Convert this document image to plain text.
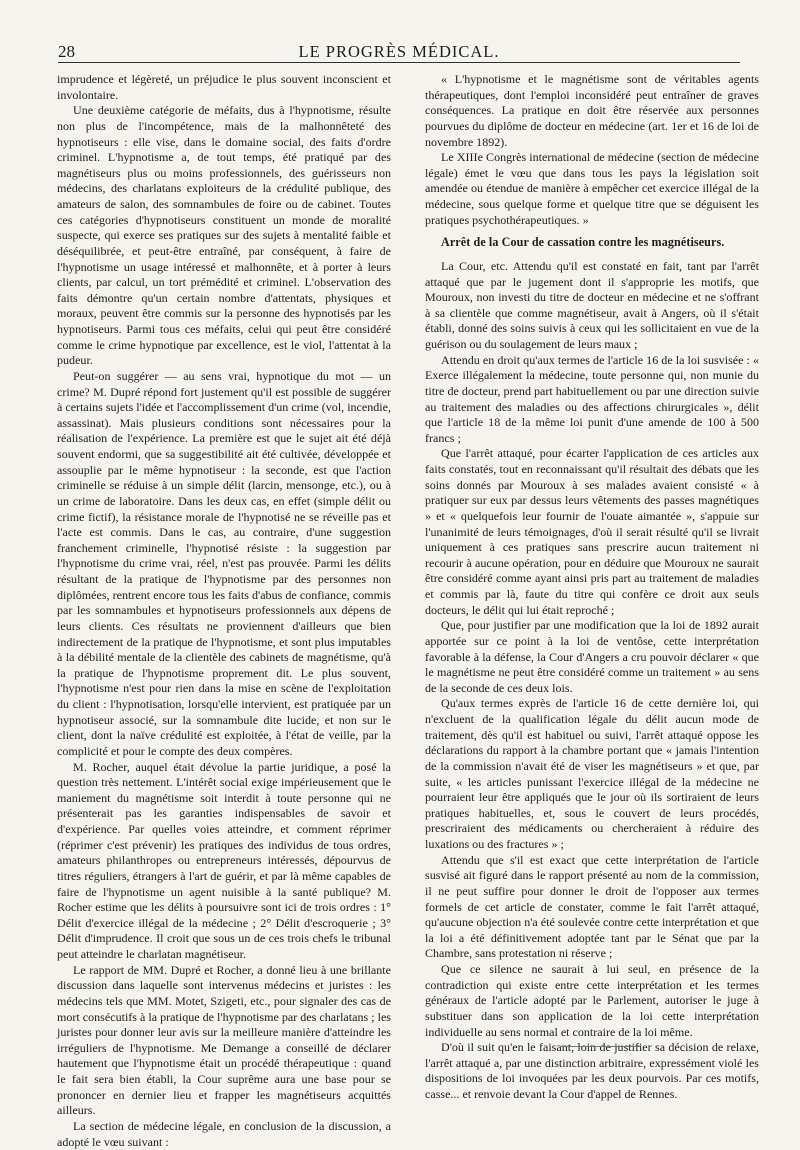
28	LE PROGRÈS MÉDICAL.

imprudence et légèreté, un préjudice le plus souvent inconscient et involontaire.

Une deuxième catégorie de méfaits, dus à l'hypnotisme, résulte non plus de l'incompétence, mais de la malhonnêteté des hypnotiseurs : elle vise, dans le domaine social, des faits d'ordre criminel. L'hypnotisme a, de tout temps, été pratiqué par des magnétiseurs plus ou moins professionnels, des guérisseurs non médecins, des charlatans exploiteurs de la crédulité publique, des amateurs de salon, des somnambules de foire ou de cabinet. Toutes ces catégories d'hypnotiseurs constituent un monde de moralité suspecte, qui exerce ses pratiques sur des sujets à mentalité faible et déséquilibrée, et peut-être entraîné, par conséquent, à faire de l'hypnotisme un usage intéressé et malhonnête, et à porter à leurs clients, par calcul, un tort prémédité et criminel. L'observation des faits démontre qu'un certain nombre d'attentats, physiques et moraux, peuvent être commis sur la personne des hypnotisés par les hypnotiseurs. Parmi tous ces méfaits, celui qui peut être considéré comme le crime hypnotique par excellence, est le viol, l'attentat à la pudeur.

Peut-on suggérer — au sens vrai, hypnotique du mot — un crime? M. Dupré répond fort justement qu'il est possible de suggérer à certains sujets l'idée et l'accomplissement d'un crime (vol, incendie, assassinat). Mais plusieurs conditions sont nécessaires pour la réalisation de l'expérience. La première est que le sujet ait été déjà souvent endormi, que sa suggestibilité ait été cultivée, développée et assouplie par le même hypnotiseur : la seconde, est que l'action criminelle se réduise à un simple délit (larcin, mensonge, etc.), ou à un crime de laboratoire. Dans les deux cas, en effet (simple délit ou crime fictif), la résistance morale de l'hypnotisé ne se réveille pas et l'acte est commis. Dans le cas, au contraire, d'une suggestion franchement criminelle, l'hypnotisé résiste : la suggestion par l'hypnotisme du crime vrai, réel, n'est pas prouvée. Parmi les délits résultant de la pratique de l'hypnotisme par des personnes non diplômées, rentrent encore tous les faits d'abus de confiance, commis par les somnambules et hypnotiseurs professionnels aux dépens de leurs clients. Ces résultats ne proviennent d'ailleurs que bien indirectement de la pratique de l'hypnotisme, et sont plus imputables à la débilité mentale de la clientèle des cabinets de magnétisme, qu'à la pratique de l'hypnotisme proprement dit. Le plus souvent, l'hypnotisme n'est pour rien dans la mise en scène de l'exploitation du client : l'hypnotisation, lorsqu'elle intervient, est pratiquée par un hypnotiseur associé, sur la somnambule dite lucide, et non sur le client, dont la naïve crédulité est exploitée, à l'état de veille, par la complicité et pour le compte des deux compères.

M. Rocher, auquel était dévolue la partie juridique, a posé la question très nettement. L'intérêt social exige impérieusement que le maniement du magnétisme soit interdit à toute personne qui ne présenterait pas les garanties indispensables de savoir et d'expérience. Par quelles voies atteindre, et comment réprimer (réprimer c'est prévenir) les pratiques des individus de tous ordres, amateurs philanthropes ou entrepreneurs intéressés, dépourvus de titres réguliers, étrangers à l'art de guérir, et par là même capables de faire de l'hypnotisme un agent nuisible à la santé publique? M. Rocher estime que les délits à poursuivre sont ici de trois ordres : 1° Délit d'exercice illégal de la médecine ; 2° Délit d'escroquerie ; 3° Délit d'imprudence. Il croit que sous un de ces trois chefs le tribunal peut atteindre le charlatan magnétiseur.

Le rapport de MM. Dupré et Rocher, a donné lieu à une brillante discussion dans laquelle sont intervenus médecins et juristes : les médecins tels que MM. Motet, Szigeti, etc., pour signaler des cas de mort consécutifs à la pratique de l'hypnotisme par des charlatans ; les juristes pour donner leur avis sur la meilleure manière d'atteindre les irréguliers de l'hypnotisme. Me Demange a conseillé de déclarer hautement que l'hypnotisme était un procédé thérapeutique : quand le fait sera bien établi, la Cour suprême aura une base pour se prononcer en dernier lieu et frapper les magnétiseurs acquittés ailleurs.

La section de médecine légale, en conclusion de la discussion, a adopté le vœu suivant :

« L'hypnotisme et le magnétisme sont de véritables agents thérapeutiques, dont l'emploi inconsidéré peut entraîner de graves conséquences. La pratique en doit être réservée aux personnes pourvues du diplôme de docteur en médecine (art. 1er et 16 de loi de novembre 1892).

Le XIIIe Congrès international de médecine (section de médecine légale) émet le vœu que dans tous les pays la législation soit amendée ou étendue de manière à empêcher cet exercice illégal de la médecine, sous quelque forme et quelque titre que se déguisent les pratiques psychothérapeutiques. »

Arrêt de la Cour de cassation contre les magnétiseurs.

La Cour, etc. Attendu qu'il est constaté en fait, tant par l'arrêt attaqué que par le jugement dont il s'approprie les motifs, que Mouroux, non investi du titre de docteur en médecine et ne s'offrant à sa clientèle que comme magnétiseur, avait à Angers, où il s'était établi, donné des soins suivis à ceux qui les sollicitaient en vue de la guérison ou du soulagement de leurs maux ;

Attendu en droit qu'aux termes de l'article 16 de la loi susvisée : « Exerce illégalement la médecine, toute personne qui, non munie du titre de docteur, prend part habituellement ou par une direction suivie au traitement des maladies ou des affections chirurgicales », délit que l'article 18 de la même loi punit d'une amende de 100 à 500 francs ;

Que l'arrêt attaqué, pour écarter l'application de ces articles aux faits constatés, tout en reconnaissant qu'il résultait des débats que les soins donnés par Mouroux à ses malades avaient consisté « à pratiquer sur eux par dessus leurs vêtements des passes magnétiques » et « quelquefois leur fournir de l'ouate aimantée », s'appuie sur l'unanimité de leurs témoignages, d'où il serait résulté qu'il se livrait uniquement à ces pratiques sans prescrire aucun traitement ni recourir à aucune opération, pour en déduire que Mouroux ne saurait être considéré comme ayant ainsi pris part au traitement de maladies et commis par là, faute du titre qui confère ce droit aux seuls docteurs, le délit qui lui était reproché ;

Que, pour justifier par une modification que la loi de 1892 aurait apportée sur ce point à la loi de ventôse, cette interprétation favorable à la défense, la Cour d'Angers a cru pouvoir déclarer « que le magnétisme ne peut être considéré comme un traitement » au sens de la seconde de ces deux lois.

Qu'aux termes exprès de l'article 16 de cette dernière loi, qui n'excluent de la qualification légale du délit aucun mode de traitement, dès qu'il est habituel ou suivi, l'arrêt attaqué oppose les déclarations du rapport à la chambre portant que « jamais l'intention de la commission n'avait été de viser les magnétiseurs » et que, par suite, « les articles punissant l'exercice illégal de la médecine ne pourraient leur être appliqués que le jour où ils sortiraient de leurs pratiques habituelles, et, sous le couvert de leurs procédés, prescriraient des médicaments ou chercheraient à réduire des luxations ou des fractures » ;

Attendu que s'il est exact que cette interprétation de l'article susvisé ait figuré dans le rapport présenté au nom de la commission, il ne peut suffire pour donner le droit de l'opposer aux termes formels de cet article de constater, comme le fait l'arrêt attaqué, qu'aucune objection n'a été soulevée contre cette interprétation et que la loi a été définitivement adoptée tant par le Sénat que par la Chambre, sans protestation ni réserve ;

Que ce silence ne saurait à lui seul, en présence de la contradiction qui existe entre cette interprétation et les termes généraux de l'article adopté par le Parlement, autoriser le juge à substituer dans son application de la loi cette interprétation individuelle au sens normal et contraire de la loi même.

D'où il suit qu'en le faisant, loin de justifier sa décision de relaxe, l'arrêt attaqué a, par une distinction arbitraire, expressément violé les dispositions de loi invoquées par les deux pourvois. Par ces motifs, casse... et renvoie devant la Cour d'appel de Rennes.
